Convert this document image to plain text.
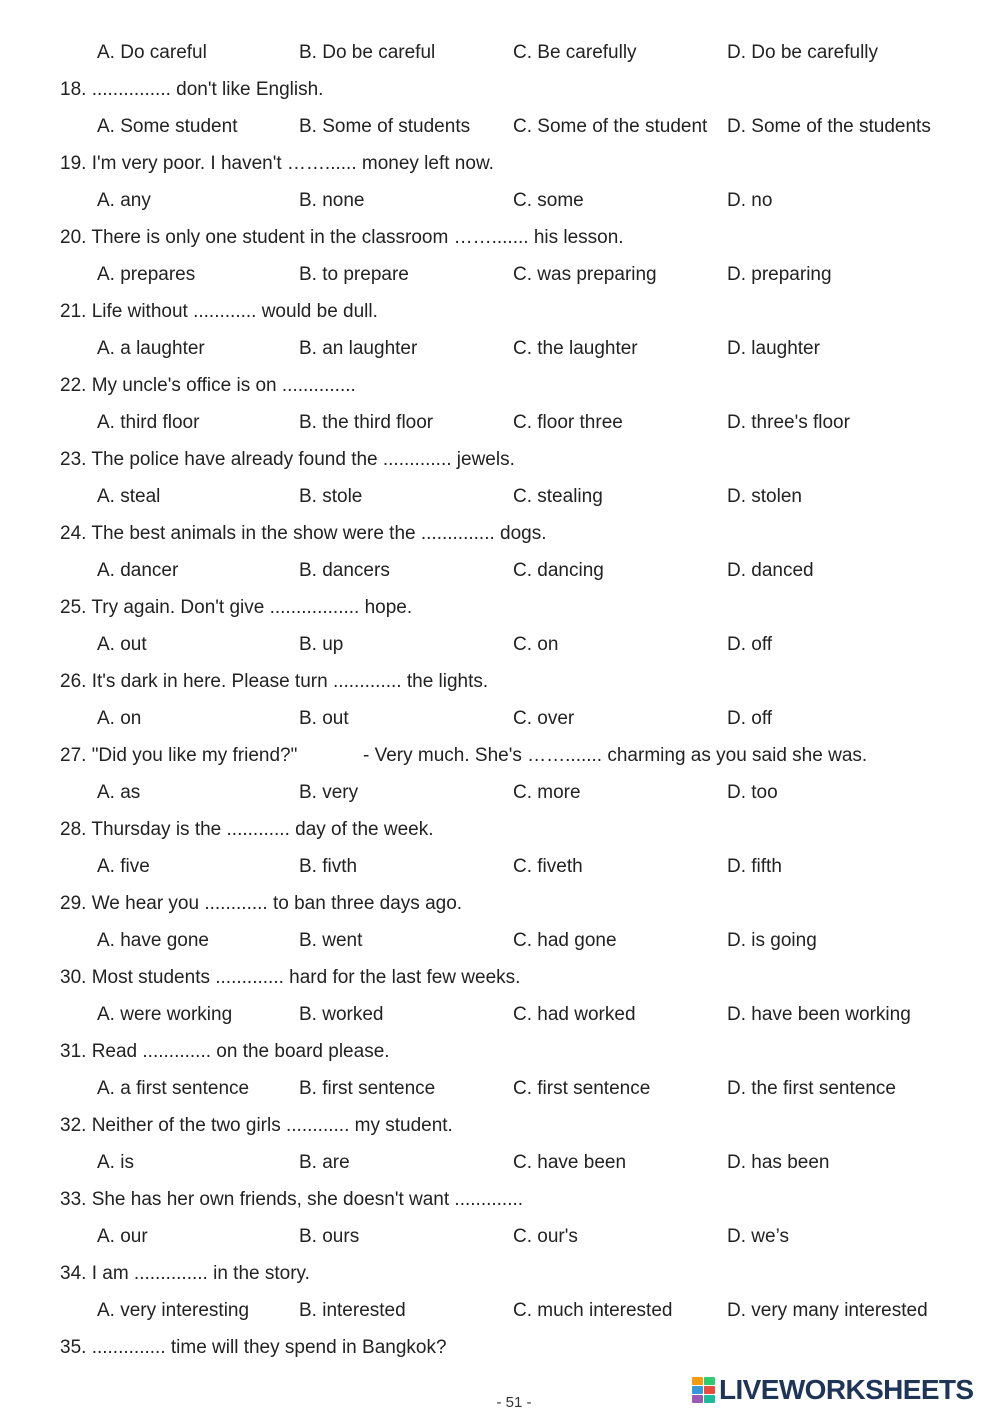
A. Do careful	B. Do be careful	C. Be carefully	D. Do be carefully
18. ............... don't like English.
A. Some student	B. Some of students C. Some of the student D. Some of the students
19. I'm very poor. I haven't ……...... money left now.
A. any	B. none	C. some	D. no
20. There is only one student in the classroom ……....... his lesson.
A. prepares	B. to prepare	C. was preparing	D. preparing
21. Life without ............ would be dull.
A. a laughter	B. an laughter	C. the laughter	D. laughter
22. My uncle's office is on ..............
A. third floor	B. the third floor	C. floor three	D. three's floor
23. The police have already found the ............. jewels.
A. steal	B. stole	C. stealing	D. stolen
24. The best animals in the show were the .............. dogs.
A. dancer	B. dancers	C. dancing	D. danced
25. Try again. Don't give ................. hope.
A. out	B. up	C. on	D. off
26. It's dark in here. Please turn ............. the lights.
A. on	B. out	C. over	D. off
27. "Did you like my friend?"	- Very much. She's ……....... charming as you said she was.
A. as	B. very	C. more	D. too
28. Thursday is the ............ day of the week.
A. five	B. fivth	C. fiveth	D. fifth
29. We hear you ............ to ban three days ago.
A. have gone	B. went	C. had gone	D. is going
30. Most students ............. hard for the last few weeks.
A. were working	B. worked	C. had worked	D. have been working
31. Read ............. on the board please.
A. a first sentence	B. first sentence	C. first sentence	D. the first sentence
32. Neither of the two girls ............ my student.
A. is	B. are	C. have been	D. has been
33. She has her own friends, she doesn't want .............
A. our	B. ours	C. our's	D. we’s
34. I am .............. in the story.
A. very interesting	B. interested	C. much interested	D. very many interested
35. .............. time will they spend in Bangkok?
- 51 -	LIVEWORKSHEETS
